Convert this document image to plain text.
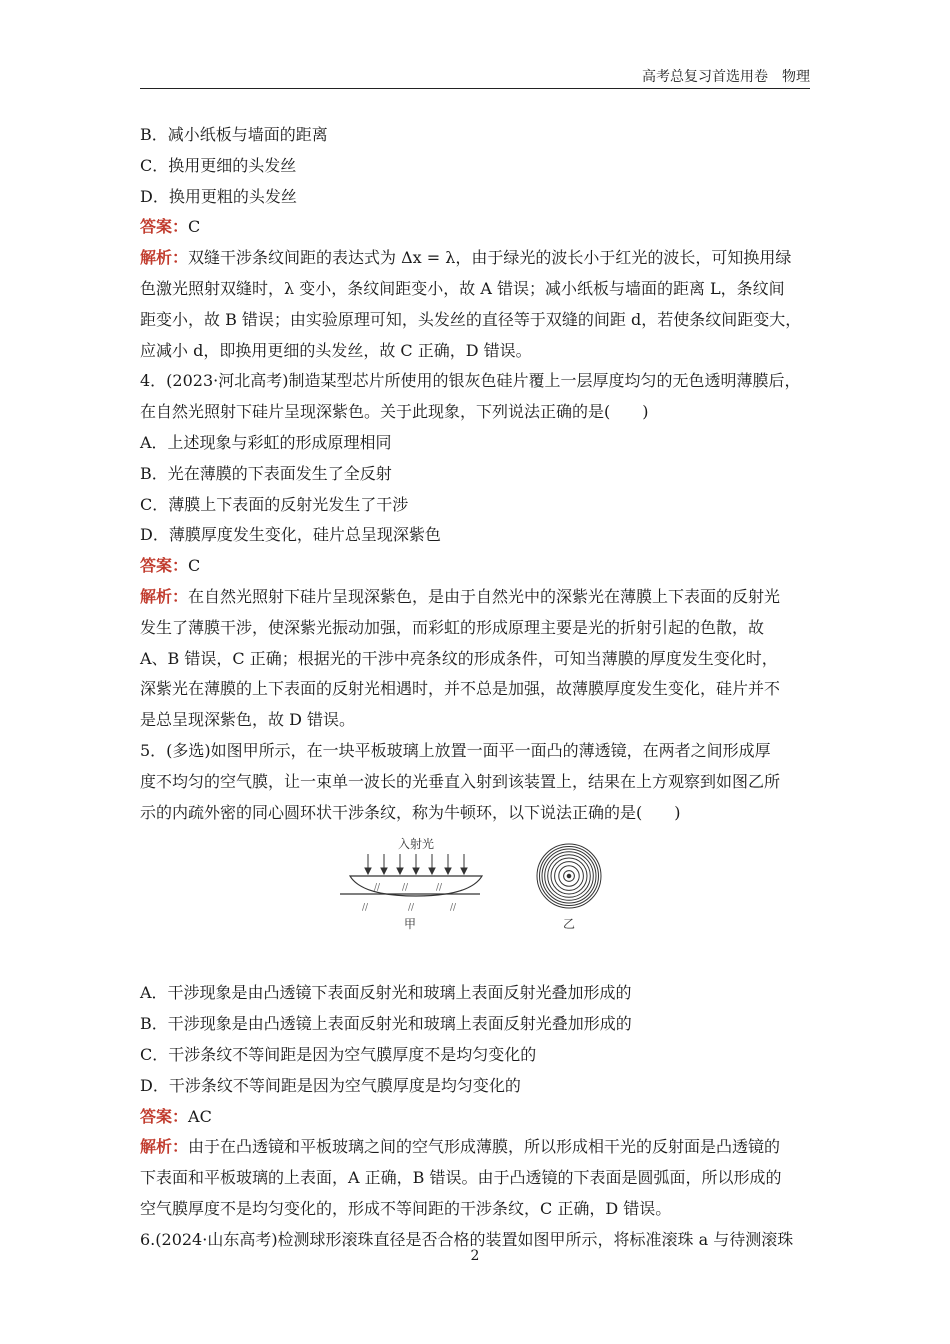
高考总复习首选用卷　物理

B．减小纸板与墙面的距离

C．换用更细的头发丝

D．换用更粗的头发丝

答案：C

解析：双缝干涉条纹间距的表达式为 Δx = λ，由于绿光的波长小于红光的波长，可知换用绿

色激光照射双缝时，λ 变小，条纹间距变小，故 A 错误；减小纸板与墙面的距离 L，条纹间

距变小，故 B 错误；由实验原理可知，头发丝的直径等于双缝的间距 d，若使条纹间距变大，

应减小 d，即换用更细的头发丝，故 C 正确，D 错误。

4．(2023·河北高考)制造某型芯片所使用的银灰色硅片覆上一层厚度均匀的无色透明薄膜后，

在自然光照射下硅片呈现深紫色。关于此现象，下列说法正确的是(　　)

A．上述现象与彩虹的形成原理相同

B．光在薄膜的下表面发生了全反射

C．薄膜上下表面的反射光发生了干涉

D．薄膜厚度发生变化，硅片总呈现深紫色

答案：C

解析：在自然光照射下硅片呈现深紫色，是由于自然光中的深紫光在薄膜上下表面的反射光

发生了薄膜干涉，使深紫光振动加强，而彩虹的形成原理主要是光的折射引起的色散，故

A、B 错误，C 正确；根据光的干涉中亮条纹的形成条件，可知当薄膜的厚度发生变化时，

深紫光在薄膜的上下表面的反射光相遇时，并不总是加强，故薄膜厚度发生变化，硅片并不

是总呈现深紫色，故 D 错误。

5．(多选)如图甲所示，在一块平板玻璃上放置一面平一面凸的薄透镜，在两者之间形成厚

度不均匀的空气膜，让一束单一波长的光垂直入射到该装置上，结果在上方观察到如图乙所

示的内疏外密的同心圆环状干涉条纹，称为牛顿环，以下说法正确的是(　　)

入射光
// //	//
//	//	//
甲	乙

A．干涉现象是由凸透镜下表面反射光和玻璃上表面反射光叠加形成的

B．干涉现象是由凸透镜上表面反射光和玻璃上表面反射光叠加形成的

C．干涉条纹不等间距是因为空气膜厚度不是均匀变化的

D．干涉条纹不等间距是因为空气膜厚度是均匀变化的

答案：AC

解析：由于在凸透镜和平板玻璃之间的空气形成薄膜，所以形成相干光的反射面是凸透镜的

下表面和平板玻璃的上表面，A 正确，B 错误。由于凸透镜的下表面是圆弧面，所以形成的

空气膜厚度不是均匀变化的，形成不等间距的干涉条纹，C 正确，D 错误。

6.(2024·山东高考)检测球形滚珠直径是否合格的装置如图甲所示，将标准滚珠 a 与待测滚珠

2
